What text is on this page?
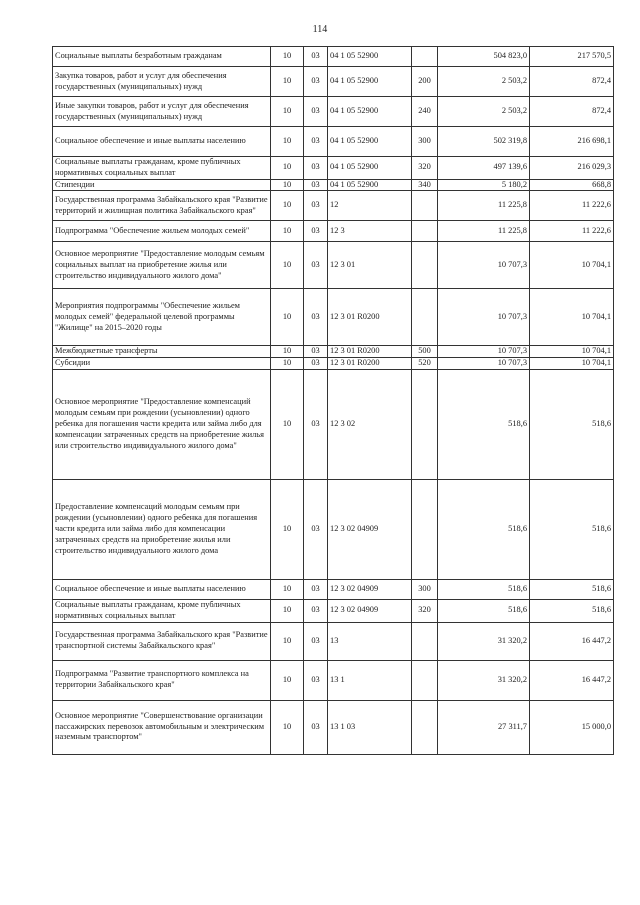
114
Социальные выплаты безработным гражданам	10	03	04 1 05 52900		504 823,0	217 570,5
Закупка товаров, работ и услуг для обеспечения государственных (муниципальных) нужд	10	03	04 1 05 52900	200	2 503,2	872,4
Иные закупки товаров, работ и услуг для обеспечения государственных (муниципальных) нужд	10	03	04 1 05 52900	240	2 503,2	872,4
Социальное обеспечение и иные выплаты населению	10	03	04 1 05 52900	300	502 319,8	216 698,1
Социальные выплаты гражданам, кроме публичных нормативных социальных выплат	10	03	04 1 05 52900	320	497 139,6	216 029,3
Стипендии	10	03	04 1 05 52900	340	5 180,2	668,8
Государственная программа Забайкальского края "Развитие территорий и жилищная политика Забайкальского края"	10	03	12		11 225,8	11 222,6
Подпрограмма "Обеспечение жильем молодых семей"	10	03	12 3		11 225,8	11 222,6
Основное мероприятие "Предоставление молодым семьям социальных выплат на приобретение жилья или строительство индивидуального жилого дома"	10	03	12 3 01		10 707,3	10 704,1
Мероприятия подпрограммы "Обеспечение жильем молодых семей" федеральной целевой программы "Жилище" на 2015–2020 годы	10	03	12 3 01 R0200		10 707,3	10 704,1
Межбюджетные трансферты	10	03	12 3 01 R0200	500	10 707,3	10 704,1
Субсидии	10	03	12 3 01 R0200	520	10 707,3	10 704,1
Основное мероприятие "Предоставление компенсаций молодым семьям при рождении (усыновлении) одного ребенка для погашения части кредита или займа либо для компенсации затраченных средств на приобретение жилья или строительство индивидуального жилого дома"	10	03	12 3 02		518,6	518,6
Предоставление компенсаций молодым семьям при рождении (усыновлении) одного ребенка для погашения части кредита или займа либо для компенсации затраченных средств на приобретение жилья или строительство индивидуального жилого дома	10	03	12 3 02 04909		518,6	518,6
Социальное обеспечение и иные выплаты населению	10	03	12 3 02 04909	300	518,6	518,6
Социальные выплаты гражданам, кроме публичных нормативных социальных выплат	10	03	12 3 02 04909	320	518,6	518,6
Государственная программа Забайкальского края "Развитие транспортной системы Забайкальского края"	10	03	13		31 320,2	16 447,2
Подпрограмма "Развитие транспортного комплекса на территории Забайкальского края"	10	03	13 1		31 320,2	16 447,2
Основное мероприятие "Совершенствование организации пассажирских перевозок автомобильным и электрическим наземным транспортом"	10	03	13 1 03		27 311,7	15 000,0
